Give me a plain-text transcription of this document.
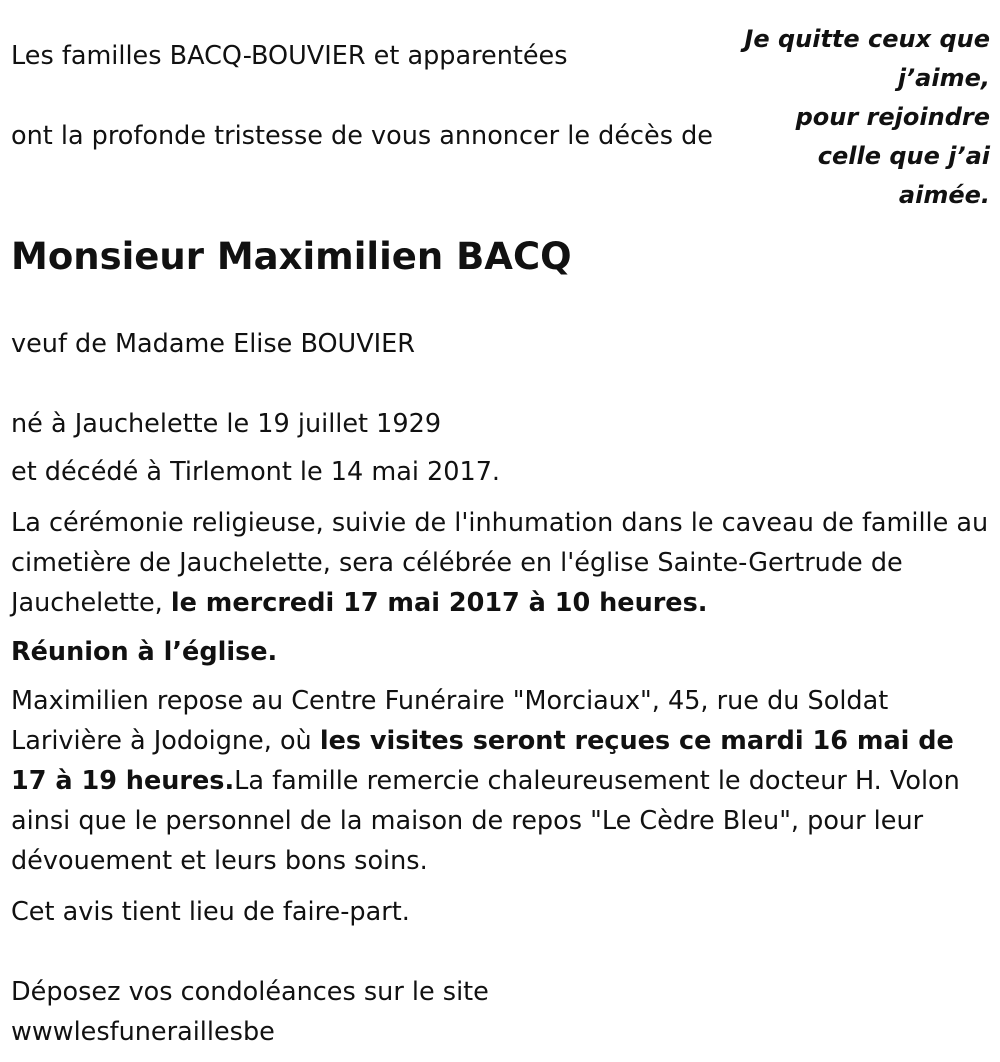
Les familles BACQ-BOUVIER et apparentées

ont la profonde tristesse de vous annoncer le décès de

Je quitte ceux que j’aime,
pour rejoindre celle que j’ai aimée.
Monsieur Maximilien BACQ

veuf de Madame Elise BOUVIER

né à Jauchelette le 19 juillet 1929

et décédé à Tirlemont le 14 mai 2017.

La cérémonie religieuse, suivie de l'inhumation dans le caveau de famille au cimetière de Jauchelette, sera célébrée en l'église Sainte-Gertrude de Jauchelette, le mercredi 17 mai 2017 à 10 heures.

Réunion à l’église.

Maximilien repose au Centre Funéraire "Morciaux", 45, rue du Soldat Larivière à Jodoigne, où les visites seront reçues ce mardi 16 mai de 17 à 19 heures.La famille remercie chaleureusement le docteur H. Volon ainsi que le personnel de la maison de repos "Le Cèdre Bleu", pour leur dévouement et leurs bons soins.

Cet avis tient lieu de faire-part.

Déposez vos condoléances sur le site wwwlesfuneraillesbe
